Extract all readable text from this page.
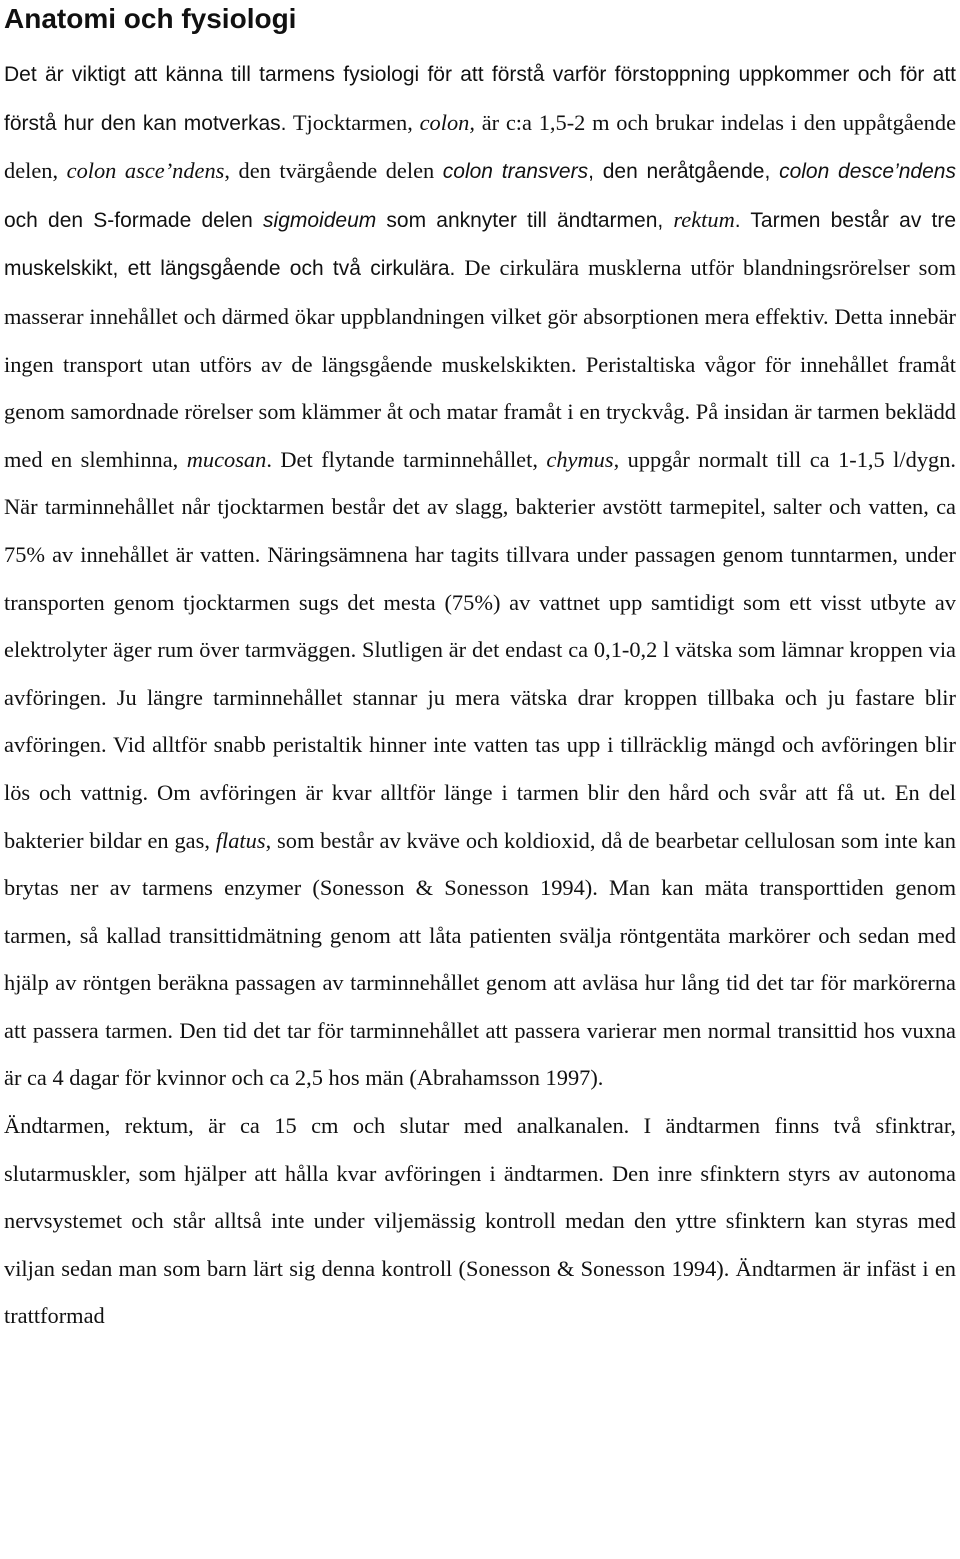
Anatomi och fysiologi

Det är viktigt att känna till tarmens fysiologi för att förstå varför förstoppning uppkommer och för att förstå hur den kan motverkas. Tjocktarmen, colon, är c:a 1,5-2 m och brukar indelas i den uppåtgående delen, colon asce’ndens, den tvärgående delen colon transvers, den neråtgående, colon desce’ndens och den S-formade delen sigmoideum som anknyter till ändtarmen, rektum. Tarmen består av tre muskelskikt, ett längsgående och två cirkulära. De cirkulära musklerna utför blandningsrörelser som masserar innehållet och därmed ökar uppblandningen vilket gör absorptionen mera effektiv. Detta innebär ingen transport utan utförs av de längsgående muskelskikten. Peristaltiska vågor för innehållet framåt genom samordnade rörelser som klämmer åt och matar framåt i en tryckvåg. På insidan är tarmen beklädd med en slemhinna, mucosan. Det flytande tarminnehållet, chymus, uppgår normalt till ca 1-1,5 l/dygn. När tarminnehållet når tjocktarmen består det av slagg, bakterier avstött tarmepitel, salter och vatten, ca 75% av innehållet är vatten. Näringsämnena har tagits tillvara under passagen genom tunntarmen, under transporten genom tjocktarmen sugs det mesta (75%) av vattnet upp samtidigt som ett visst utbyte av elektrolyter äger rum över tarmväggen. Slutligen är det endast ca 0,1-0,2 l vätska som lämnar kroppen via avföringen. Ju längre tarminnehållet stannar ju mera vätska drar kroppen tillbaka och ju fastare blir avföringen. Vid alltför snabb peristaltik hinner inte vatten tas upp i tillräcklig mängd och avföringen blir lös och vattnig. Om avföringen är kvar alltför länge i tarmen blir den hård och svår att få ut. En del bakterier bildar en gas, flatus, som består av kväve och koldioxid, då de bearbetar cellulosan som inte kan brytas ner av tarmens enzymer (Sonesson & Sonesson 1994). Man kan mäta transporttiden genom tarmen, så kallad transittidmätning genom att låta patienten svälja röntgentäta markörer och sedan med hjälp av röntgen beräkna passagen av tarminnehållet genom att avläsa hur lång tid det tar för markörerna att passera tarmen. Den tid det tar för tarminnehållet att passera varierar men normal transittid hos vuxna är ca 4 dagar för kvinnor och ca 2,5 hos män (Abrahamsson 1997).

Ändtarmen, rektum, är ca 15 cm och slutar med analkanalen. I ändtarmen finns två sfinktrar, slutarmuskler, som hjälper att hålla kvar avföringen i ändtarmen. Den inre sfinktern styrs av autonoma nervsystemet och står alltså inte under viljemässig kontroll medan den yttre sfinktern kan styras med viljan sedan man som barn lärt sig denna kontroll (Sonesson & Sonesson 1994). Ändtarmen är infäst i en trattformad
